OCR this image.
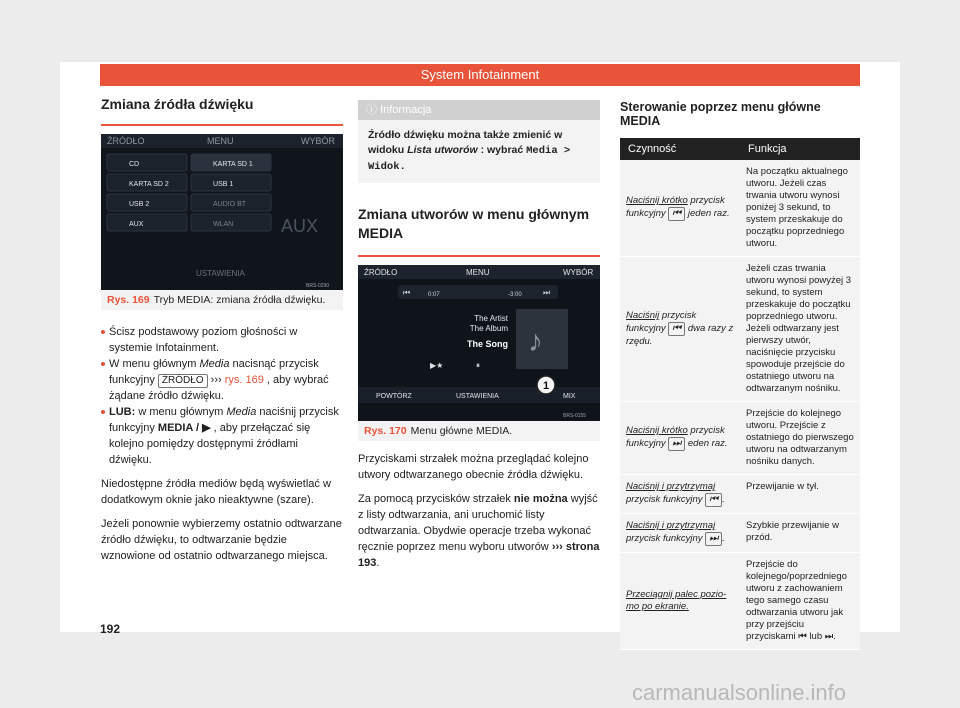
System Infotainment
Zmiana źródła dźwięku
ŹRÓDŁO	MENU	WYBÓR
CD	KARTA SD 1
KARTA SD 2	USB 1
USB 2	AUDIO BT
AUX	WLAN	AUX
USTAWIENIA
BRS-0290
Rys. 169 Tryb MEDIA: zmiana źródła dźwięku.

Ścisz podstawowy poziom głośności w systemie Infotainment.

W menu głównym Media nacisnąć przycisk funkcyjny ŹRÓDŁO ››› rys. 169 , aby wybrać żądane źródło dźwięku.

LUB: w menu głównym Media naciśnij przycisk funkcyjny MEDIA / ▶ , aby przełączać się kolejno pomiędzy dostępnymi źródłami dźwięku.

Niedostępne źródła mediów będą wyświetlać w dodatkowym oknie jako nieaktywne (szare).

Jeżeli ponownie wybierzemy ostatnio odtwarzane źródło dźwięku, to odtwarzanie będzie wznowione od ostatnio odtwarzanego miejsca.

ⓘ Informacja
Źródło dźwięku można także zmienić w widoku Lista utworów : wybrać Media > Widok.
Zmiana utworów w menu głównym MEDIA
ŹRÓDŁO	MENU	WYBÓR
⏮	⏭
0:07	-3:00
The Artist
The Album
The Song ♪
▶★	⏸
POWTÓRZ	USTAWIENIA	MIX
1
BRS-0155
Rys. 170 Menu główne MEDIA.

Przyciskami strzałek można przeglądać kolejno utwory odtwarzanego obecnie źródła dźwięku.

Za pomocą przycisków strzałek nie można wyjść z listy odtwarzania, ani uruchomić listy odtwarzania. Obydwie operacje trzeba wykonać ręcznie poprzez menu wyboru utworów ››› strona 193.

Sterowanie poprzez menu główne MEDIA
Czynność	Funkcja
Naciśnij krótko przycisk funkcyjny ⏮ jeden raz.	Na początku aktualnego utworu. Jeżeli czas trwania utworu wynosi poniżej 3 sekund, to system przeskakuje do początku poprzedniego utworu.
Naciśnij przycisk funkcyjny ⏮ dwa razy z rzędu.	Jeżeli czas trwania utworu wynosi powyżej 3 sekund, to system przeskakuje do początku poprzedniego utworu. Jeżeli odtwarzany jest pierwszy utwór, naciśnięcie przycisku spowoduje przejście do ostatniego utworu na odtwarzanym nośniku.
Naciśnij krótko przycisk funkcyjny ⏭ eden raz.	Przejście do kolejnego utworu. Przejście z ostatniego do pierwszego utworu na odtwarzanym nośniku danych.
Naciśnij i przytrzymaj przycisk funkcyjny ⏮ .	Przewijanie w tył.
Naciśnij i przytrzymaj przycisk funkcyjny ⏭ .	Szybkie przewijanie w przód.
Przeciągnij palec pozio-mo po ekranie.	Przejście do kolejnego/poprzedniego utworu z zachowaniem tego samego czasu odtwarzania utworu jak przy przejściu przyciskami ⏮ lub ⏭.
192
carmanualsonline.info
